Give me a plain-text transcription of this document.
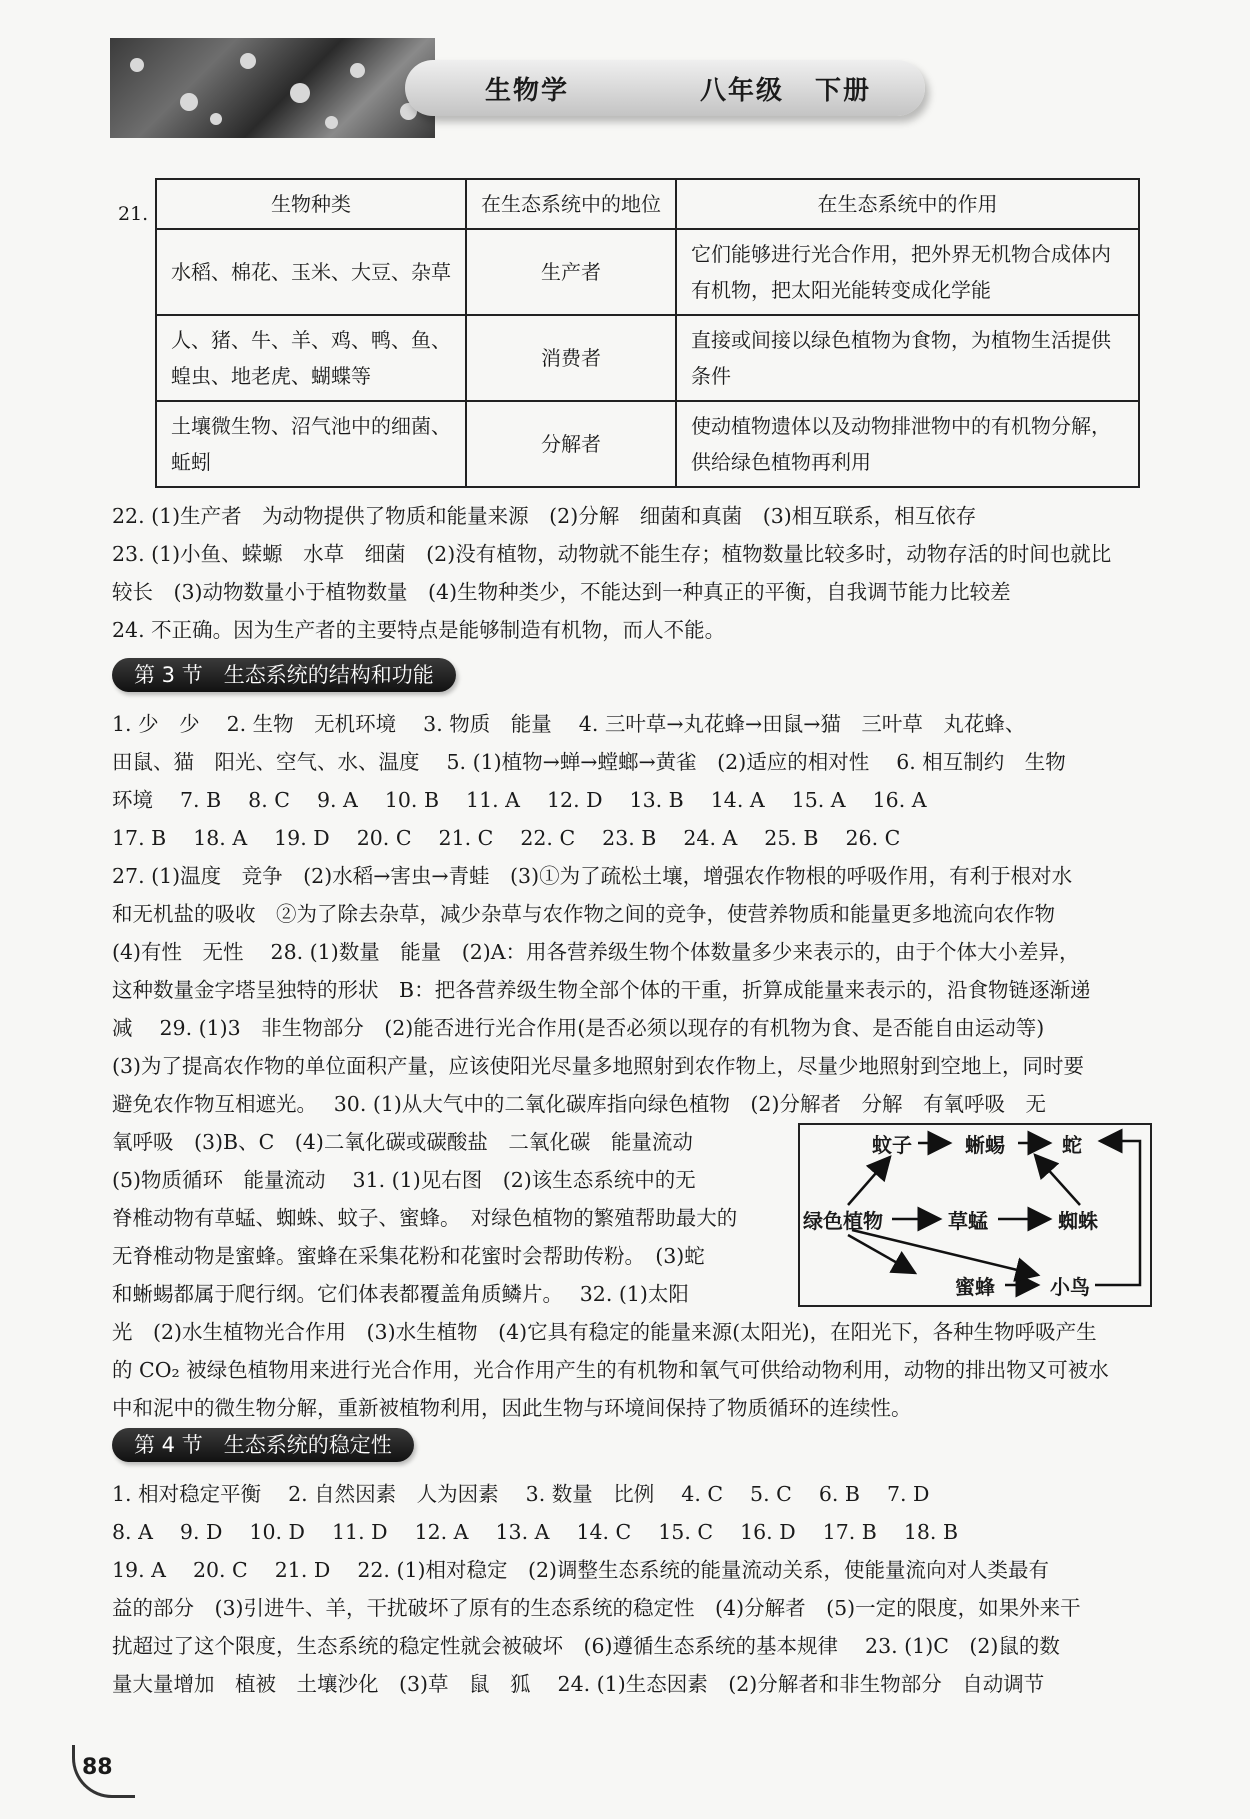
生物学	八年级 下册
21.	生物种类	在生态系统中的地位	在生态系统中的作用
水稻、棉花、玉米、大豆、杂草	生产者	它们能够进行光合作用，把外界无机物合成体内有机物，把太阳光能转变成化学能
人、猪、牛、羊、鸡、鸭、鱼、蝗虫、地老虎、蝴蝶等	消费者	直接或间接以绿色植物为食物，为植物生活提供条件
土壤微生物、沼气池中的细菌、蚯蚓	分解者	使动植物遗体以及动物排泄物中的有机物分解，供给绿色植物再利用
22. (1)生产者　为动物提供了物质和能量来源　(2)分解　细菌和真菌　(3)相互联系，相互依存
23. (1)小鱼、蝾螈　水草　细菌　(2)没有植物，动物就不能生存；植物数量比较多时，动物存活的时间也就比
较长　(3)动物数量小于植物数量　(4)生物种类少，不能达到一种真正的平衡，自我调节能力比较差
24. 不正确。因为生产者的主要特点是能够制造有机物，而人不能。
第 3 节　生态系统的结构和功能
1. 少　少　 2. 生物　无机环境　 3. 物质　能量　 4. 三叶草→丸花蜂→田鼠→猫　三叶草　丸花蜂、
田鼠、猫　阳光、空气、水、温度　 5. (1)植物→蝉→螳螂→黄雀　(2)适应的相对性　 6. 相互制约　生物
环境　 7. B　 8. C　 9. A　 10. B　 11. A　 12. D　 13. B　 14. A　 15. A　 16. A
17. B　 18. A　 19. D　 20. C　 21. C　 22. C　 23. B　 24. A　 25. B　 26. C
27. (1)温度　竞争　(2)水稻→害虫→青蛙　(3)①为了疏松土壤，增强农作物根的呼吸作用，有利于根对水
和无机盐的吸收　②为了除去杂草，减少杂草与农作物之间的竞争，使营养物质和能量更多地流向农作物
(4)有性　无性　 28. (1)数量　能量　(2)A：用各营养级生物个体数量多少来表示的，由于个体大小差异，
这种数量金字塔呈独特的形状　B：把各营养级生物全部个体的干重，折算成能量来表示的，沿食物链逐渐递
减　 29. (1)3　非生物部分　(2)能否进行光合作用(是否必须以现存的有机物为食、是否能自由运动等)
(3)为了提高农作物的单位面积产量，应该使阳光尽量多地照射到农作物上，尽量少地照射到空地上，同时要
避免农作物互相遮光。　 30. (1)从大气中的二氧化碳库指向绿色植物　(2)分解者　分解　有氧呼吸　无
氧呼吸　(3)B、C　(4)二氧化碳或碳酸盐　二氧化碳　能量流动
(5)物质循环　能量流动　 31. (1)见右图　(2)该生态系统中的无
脊椎动物有草蜢、蜘蛛、蚊子、蜜蜂。　对绿色植物的繁殖帮助最大的
无脊椎动物是蜜蜂。蜜蜂在采集花粉和花蜜时会帮助传粉。　(3)蛇
和蜥蜴都属于爬行纲。它们体表都覆盖角质鳞片。　 32. (1)太阳
蚊子	蜥蜴	蛇
绿色植物	草蜢	蜘蛛
蜜蜂	小鸟
光　(2)水生植物光合作用　(3)水生植物　(4)它具有稳定的能量来源(太阳光)，在阳光下，各种生物呼吸产生
的 CO₂ 被绿色植物用来进行光合作用，光合作用产生的有机物和氧气可供给动物利用，动物的排出物又可被水
中和泥中的微生物分解，重新被植物利用，因此生物与环境间保持了物质循环的连续性。
第 4 节　生态系统的稳定性
1. 相对稳定平衡　 2. 自然因素　人为因素　 3. 数量　比例　 4. C　 5. C　 6. B　 7. D
8. A　 9. D　 10. D　 11. D　 12. A　 13. A　 14. C　 15. C　 16. D　 17. B　 18. B
19. A　 20. C　 21. D　 22. (1)相对稳定　(2)调整生态系统的能量流动关系，使能量流向对人类最有
益的部分　(3)引进牛、羊，干扰破坏了原有的生态系统的稳定性　(4)分解者　(5)一定的限度，如果外来干
扰超过了这个限度，生态系统的稳定性就会被破坏　(6)遵循生态系统的基本规律　 23. (1)C　(2)鼠的数
量大量增加　植被　土壤沙化　(3)草　鼠　狐　 24. (1)生态因素　(2)分解者和非生物部分　自动调节
88
